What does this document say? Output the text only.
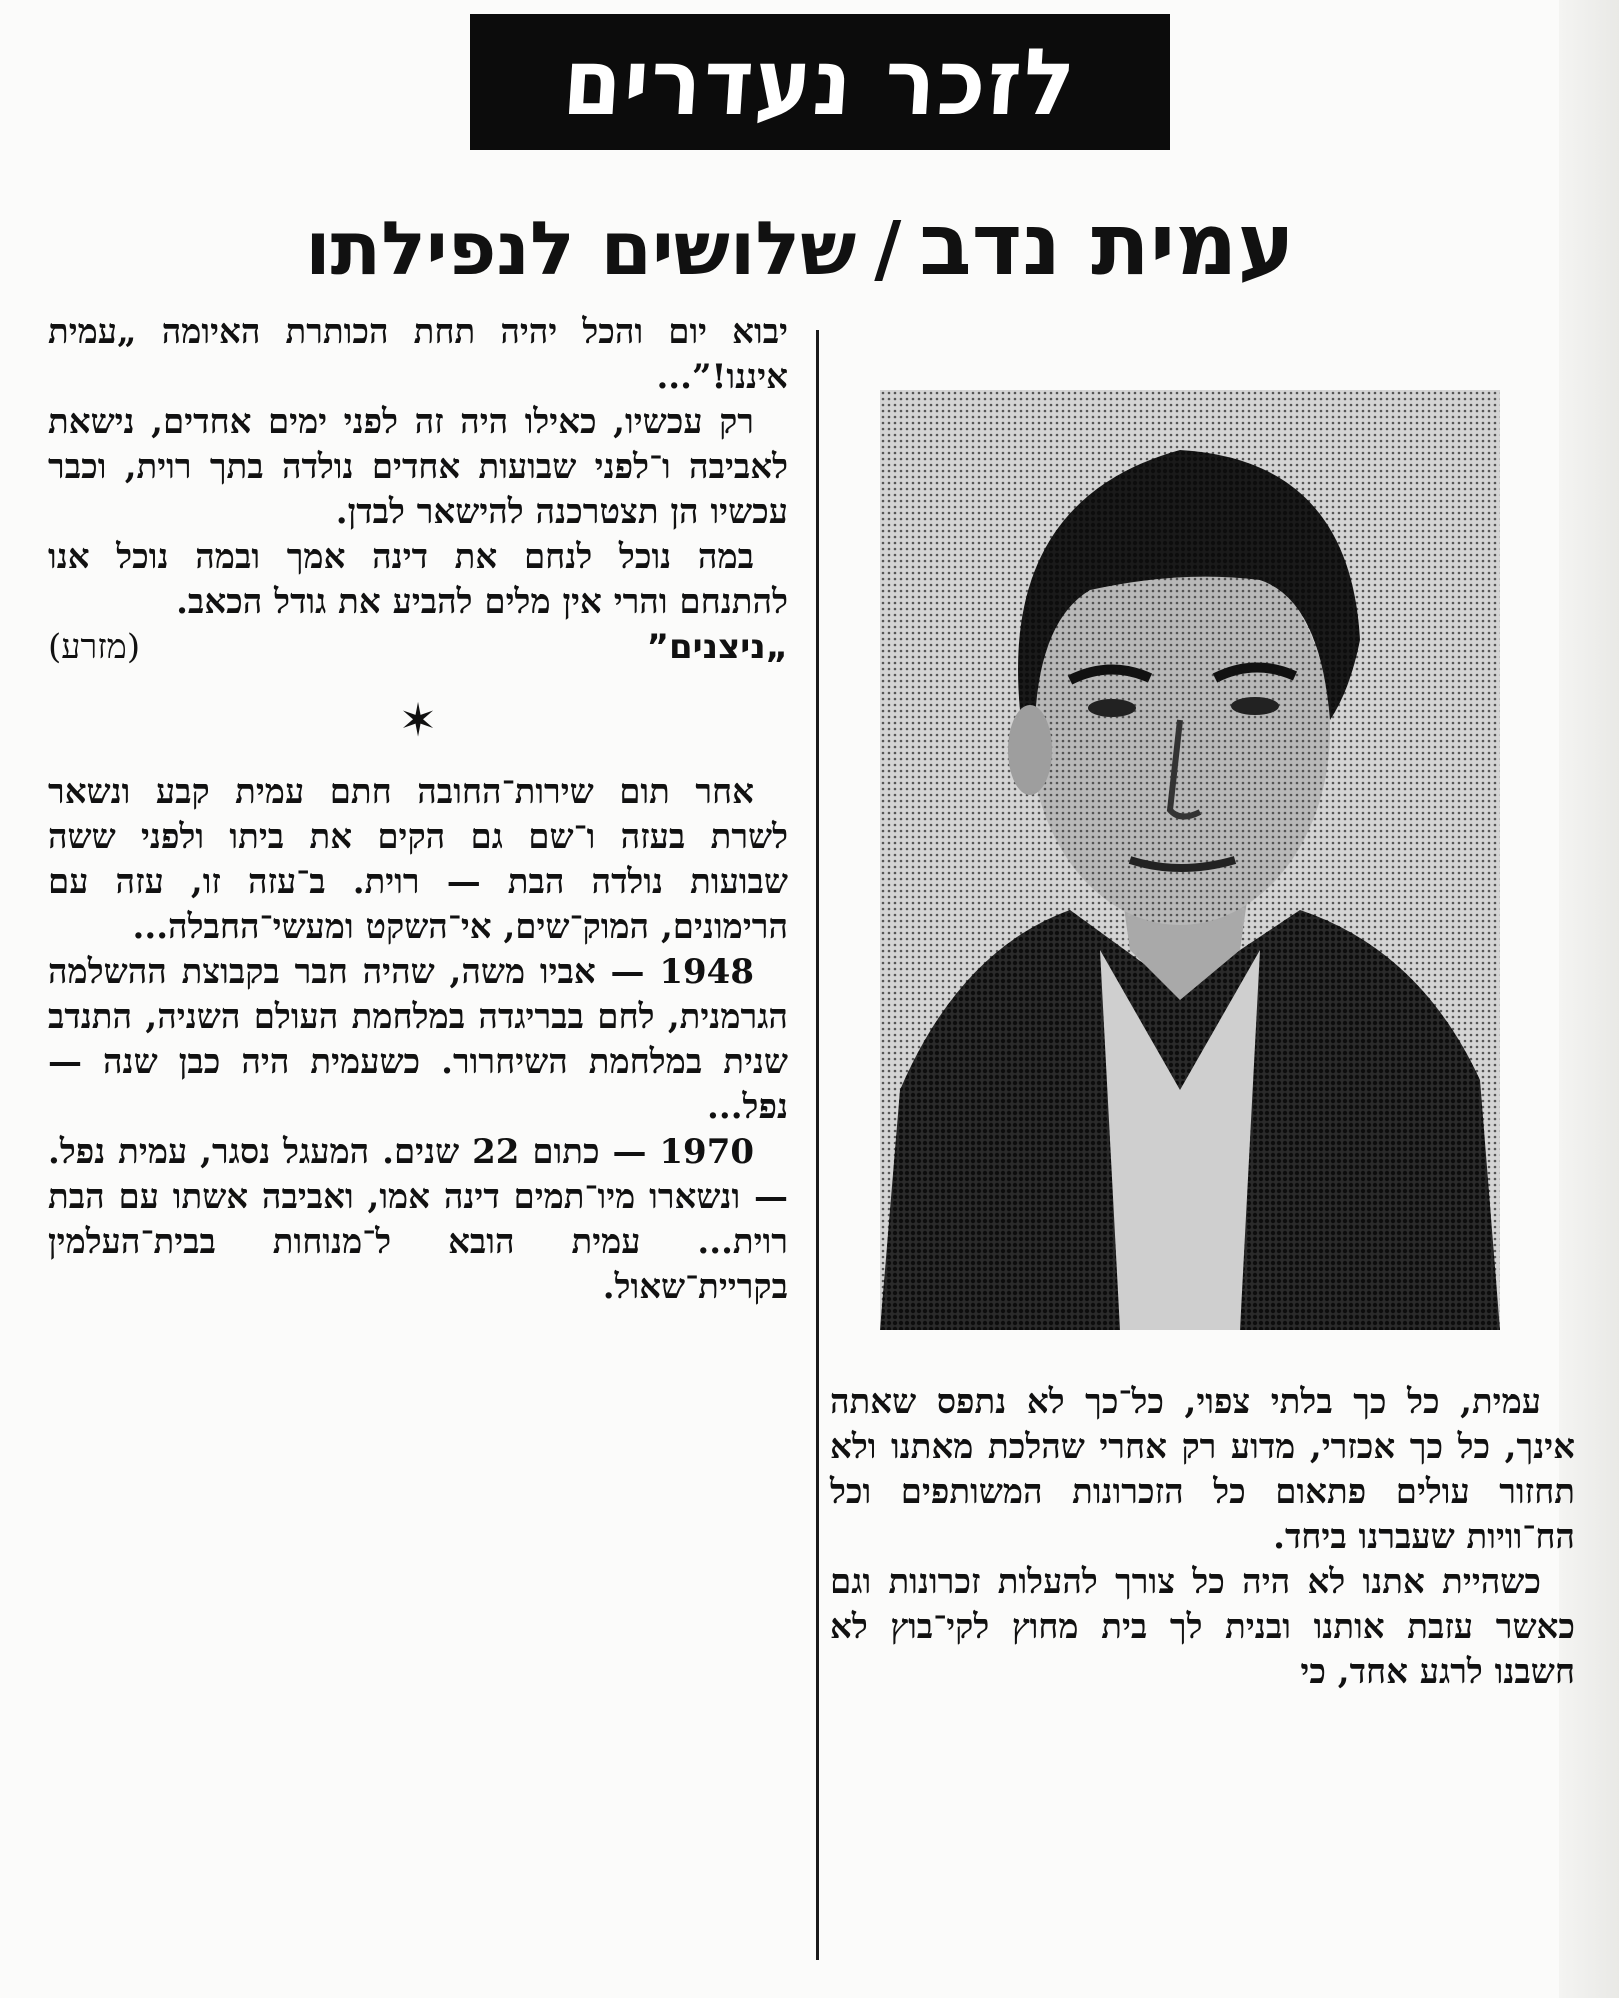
לזכר נעדרים
עמית נדב/שלושים לנפילתו

יבוא יום והכל יהיה תחת הכותרת האיומה „עמית איננו!”...

רק עכשיו, כאילו היה זה לפני ימים אחדים, נישאת לאביבה ו־לפני שבועות אחדים נולדה בתך רוית, וכבר עכשיו הן תצטרכנה להישאר לבדן.

במה נוכל לנחם את דינה אמך ובמה נוכל אנו להתנחם והרי אין מלים להביע את גודל הכאב.

„ניצנים”
(מזרע)
✶

אחר תום שירות־החובה חתם עמית קבע ונשאר לשרת בעזה ו־שם גם הקים את ביתו ולפני ששה שבועות נולדה הבת — רוית. ב־עזה זו, עזה עם הרימונים, המוק־שים, אי־השקט ומעשי־החבלה...

1948 — אביו משה, שהיה חבר בקבוצת ההשלמה הגרמנית, לחם בבריגדה במלחמת העולם השניה, התנדב שנית במלחמת השיחרור. כשעמית היה כבן שנה — נפל...

1970 — כתום 22 שנים. המעגל נסגר, עמית נפל. — ונשארו מיו־תמים דינה אמו, ואביבה אשתו עם הבת רוית... עמית הובא ל־מנוחות בבית־העלמין בקריית־שאול.

עמית, כל כך בלתי צפוי, כל־כך לא נתפס שאתה אינך, כל כך אכזרי, מדוע רק אחרי שהלכת מאתנו ולא תחזור עולים פתאום כל הזכרונות המשותפים וכל הח־וויות שעברנו ביחד.

כשהיית אתנו לא היה כל צורך להעלות זכרונות וגם כאשר עזבת אותנו ובנית לך בית מחוץ לקי־בוץ לא חשבנו לרגע אחד, כי
